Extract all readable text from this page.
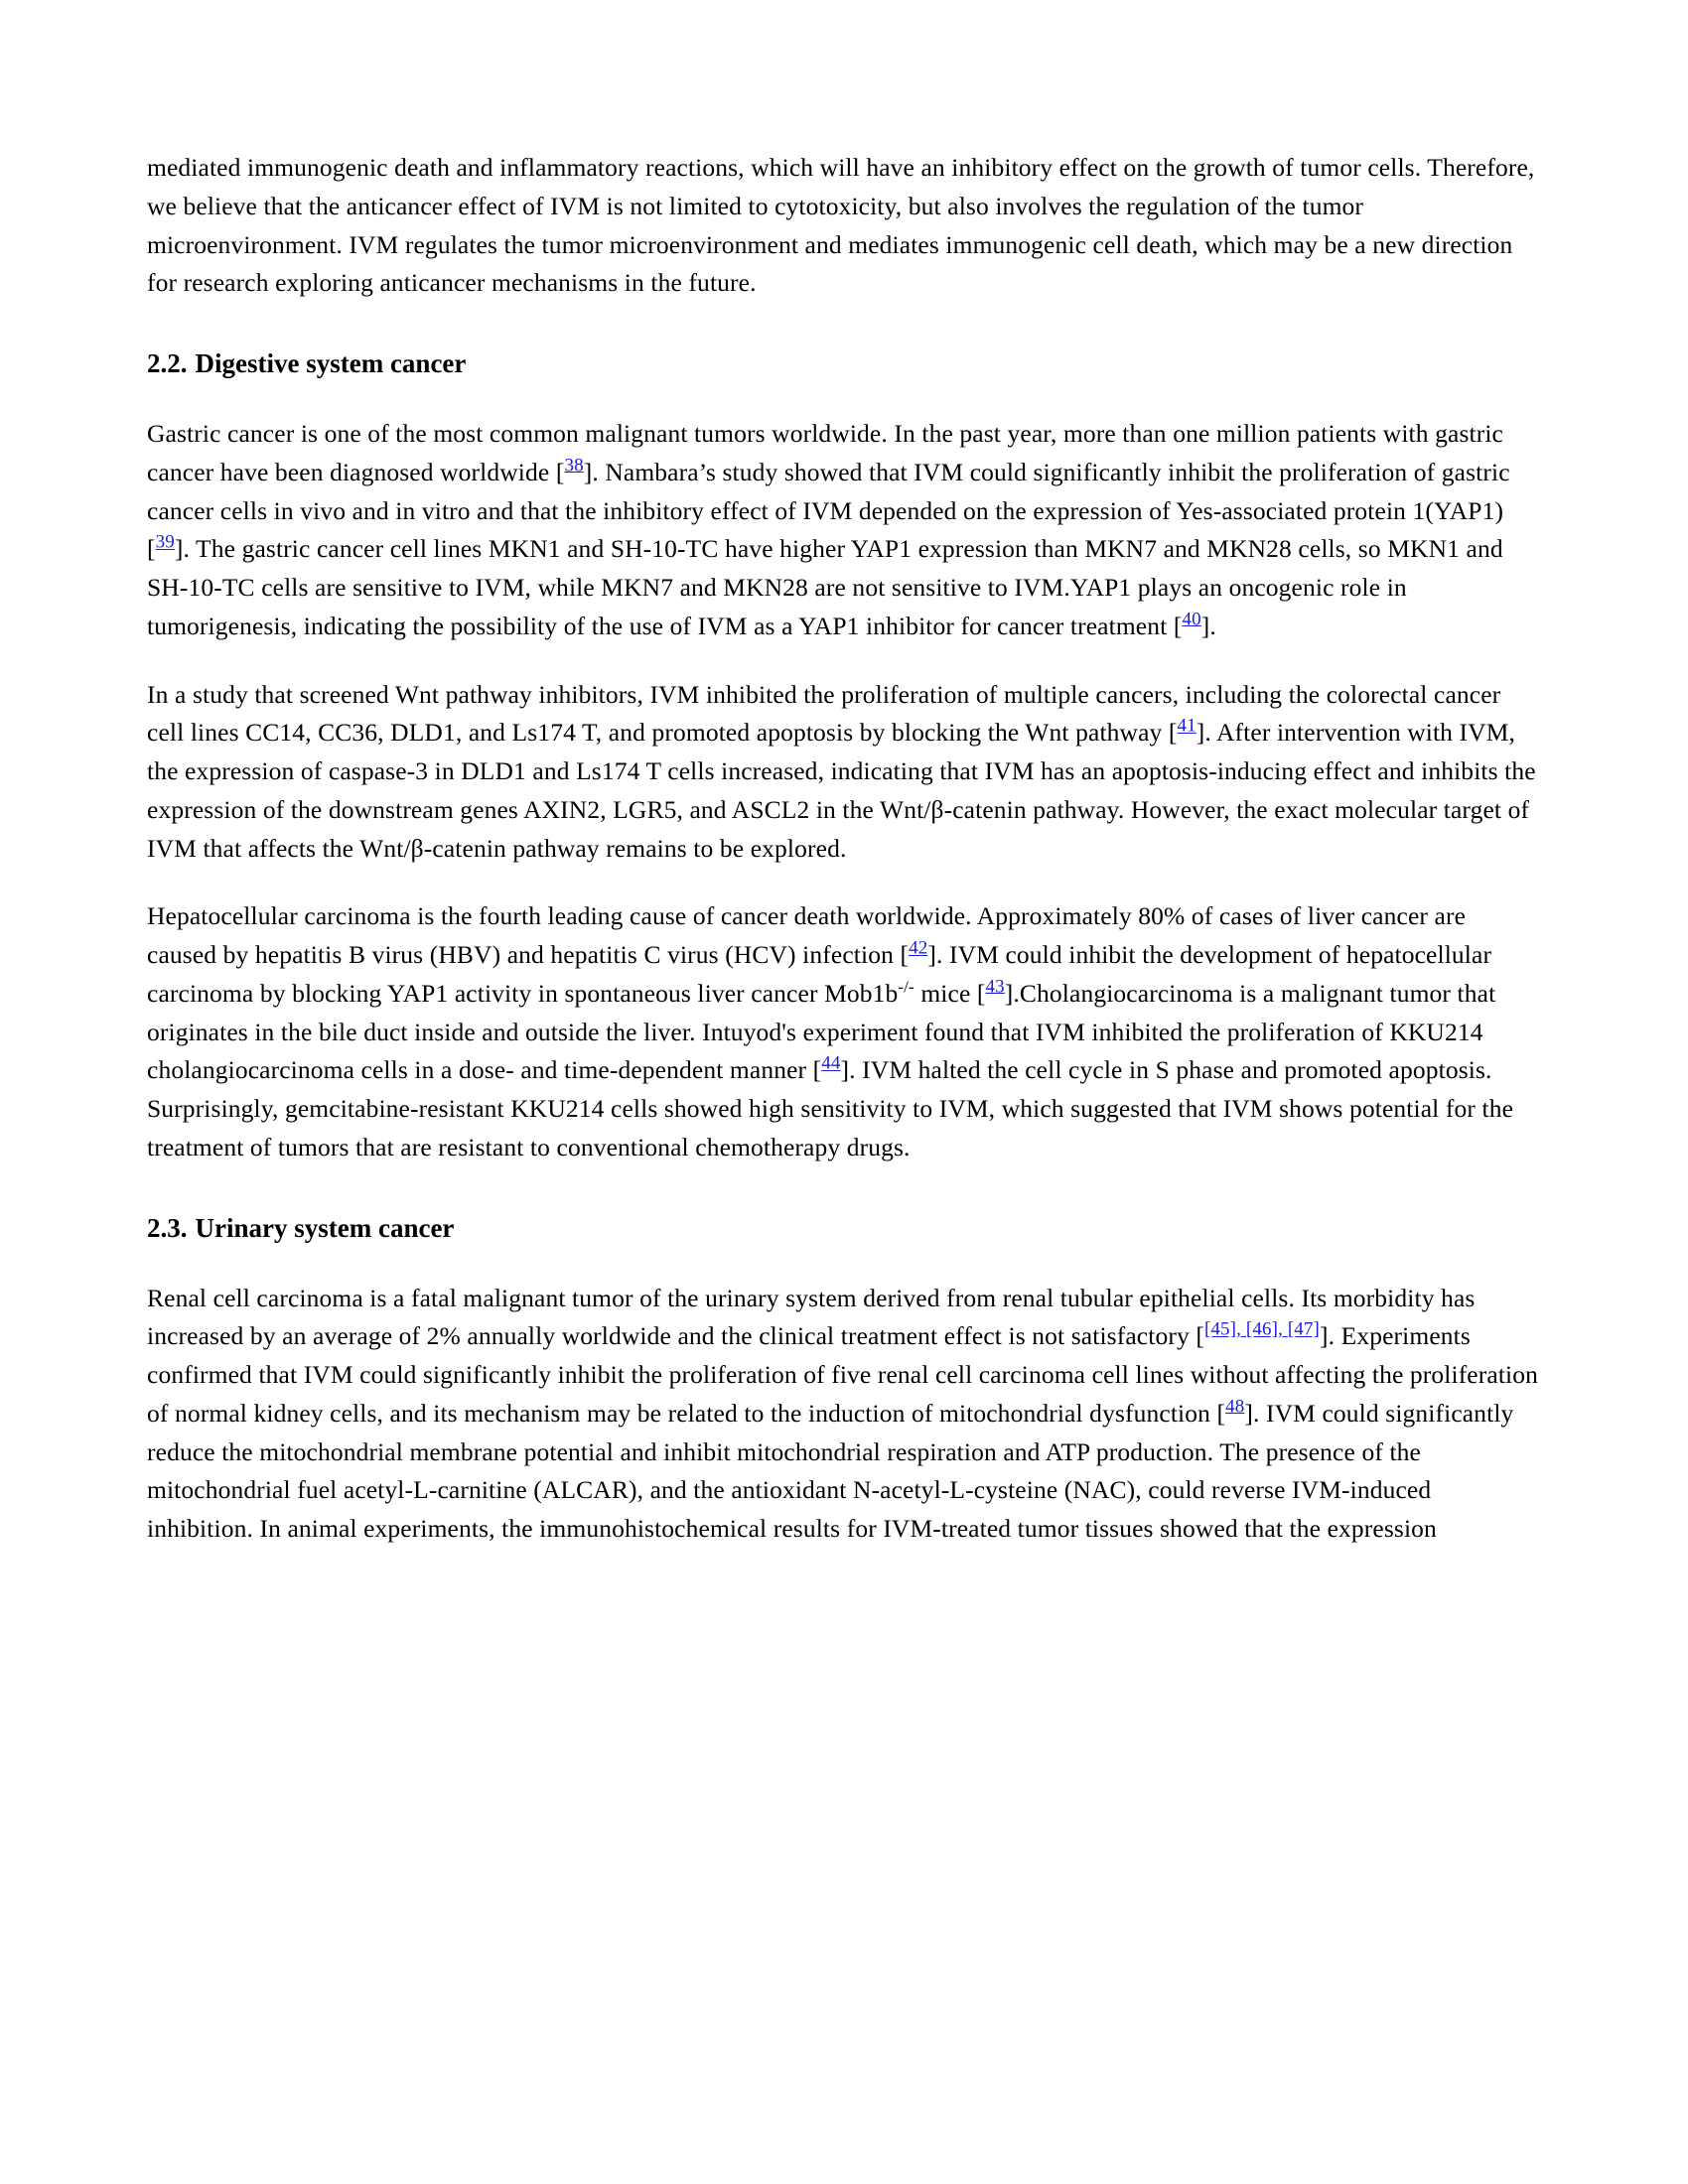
mediated immunogenic death and inflammatory reactions, which will have an inhibitory effect on the growth of tumor cells. Therefore, we believe that the anticancer effect of IVM is not limited to cytotoxicity, but also involves the regulation of the tumor microenvironment. IVM regulates the tumor microenvironment and mediates immunogenic cell death, which may be a new direction for research exploring anticancer mechanisms in the future.

2.2. Digestive system cancer

Gastric cancer is one of the most common malignant tumors worldwide. In the past year, more than one million patients with gastric cancer have been diagnosed worldwide [$^{38}$]. Nambara’s study showed that IVM could significantly inhibit the proliferation of gastric cancer cells in vivo and in vitro and that the inhibitory effect of IVM depended on the expression of Yes-associated protein 1(YAP1)[$^{39}$]. The gastric cancer cell lines MKN1 and SH-10-TC have higher YAP1 expression than MKN7 and MKN28 cells, so MKN1 and SH-10-TC cells are sensitive to IVM, while MKN7 and MKN28 are not sensitive to IVM.YAP1 plays an oncogenic role in tumorigenesis, indicating the possibility of the use of IVM as a YAP1 inhibitor for cancer treatment [$^{40}$].

In a study that screened Wnt pathway inhibitors, IVM inhibited the proliferation of multiple cancers, including the colorectal cancer cell lines CC14, CC36, DLD1, and Ls174 T, and promoted apoptosis by blocking the Wnt pathway [$^{41}$]. After intervention with IVM, the expression of caspase-3 in DLD1 and Ls174 T cells increased, indicating that IVM has an apoptosis-inducing effect and inhibits the expression of the downstream genes AXIN2, LGR5, and ASCL2 in the Wnt/β-catenin pathway. However, the exact molecular target of IVM that affects the Wnt/β-catenin pathway remains to be explored.

Hepatocellular carcinoma is the fourth leading cause of cancer death worldwide. Approximately 80% of cases of liver cancer are caused by hepatitis B virus (HBV) and hepatitis C virus (HCV) infection [$^{42}$]. IVM could inhibit the development of hepatocellular carcinoma by blocking YAP1 activity in spontaneous liver cancer Mob1b-/- mice [$^{43}$].Cholangiocarcinoma is a malignant tumor that originates in the bile duct inside and outside the liver. Intuyod's experiment found that IVM inhibited the proliferation of KKU214 cholangiocarcinoma cells in a dose- and time-dependent manner [$^{44}$]. IVM halted the cell cycle in S phase and promoted apoptosis. Surprisingly, gemcitabine-resistant KKU214 cells showed high sensitivity to IVM, which suggested that IVM shows potential for the treatment of tumors that are resistant to conventional chemotherapy drugs.

2.3. Urinary system cancer

Renal cell carcinoma is a fatal malignant tumor of the urinary system derived from renal tubular epithelial cells. Its morbidity has increased by an average of 2% annually worldwide and the clinical treatment effect is not satisfactory [$^{[45],}$ $^{[46],}$ [47]]. Experiments confirmed that IVM could significantly inhibit the proliferation of five renal cell carcinoma cell lines without affecting the proliferation of normal kidney cells, and its mechanism may be related to the induction of mitochondrial dysfunction [$^{48}$]. IVM could significantly reduce the mitochondrial membrane potential and inhibit mitochondrial respiration and ATP production. The presence of the mitochondrial fuel acetyl-L-carnitine (ALCAR), and the antioxidant N-acetyl-L-cysteine (NAC), could reverse IVM-induced inhibition. In animal experiments, the immunohistochemical results for IVM-treated tumor tissues showed that the expression
